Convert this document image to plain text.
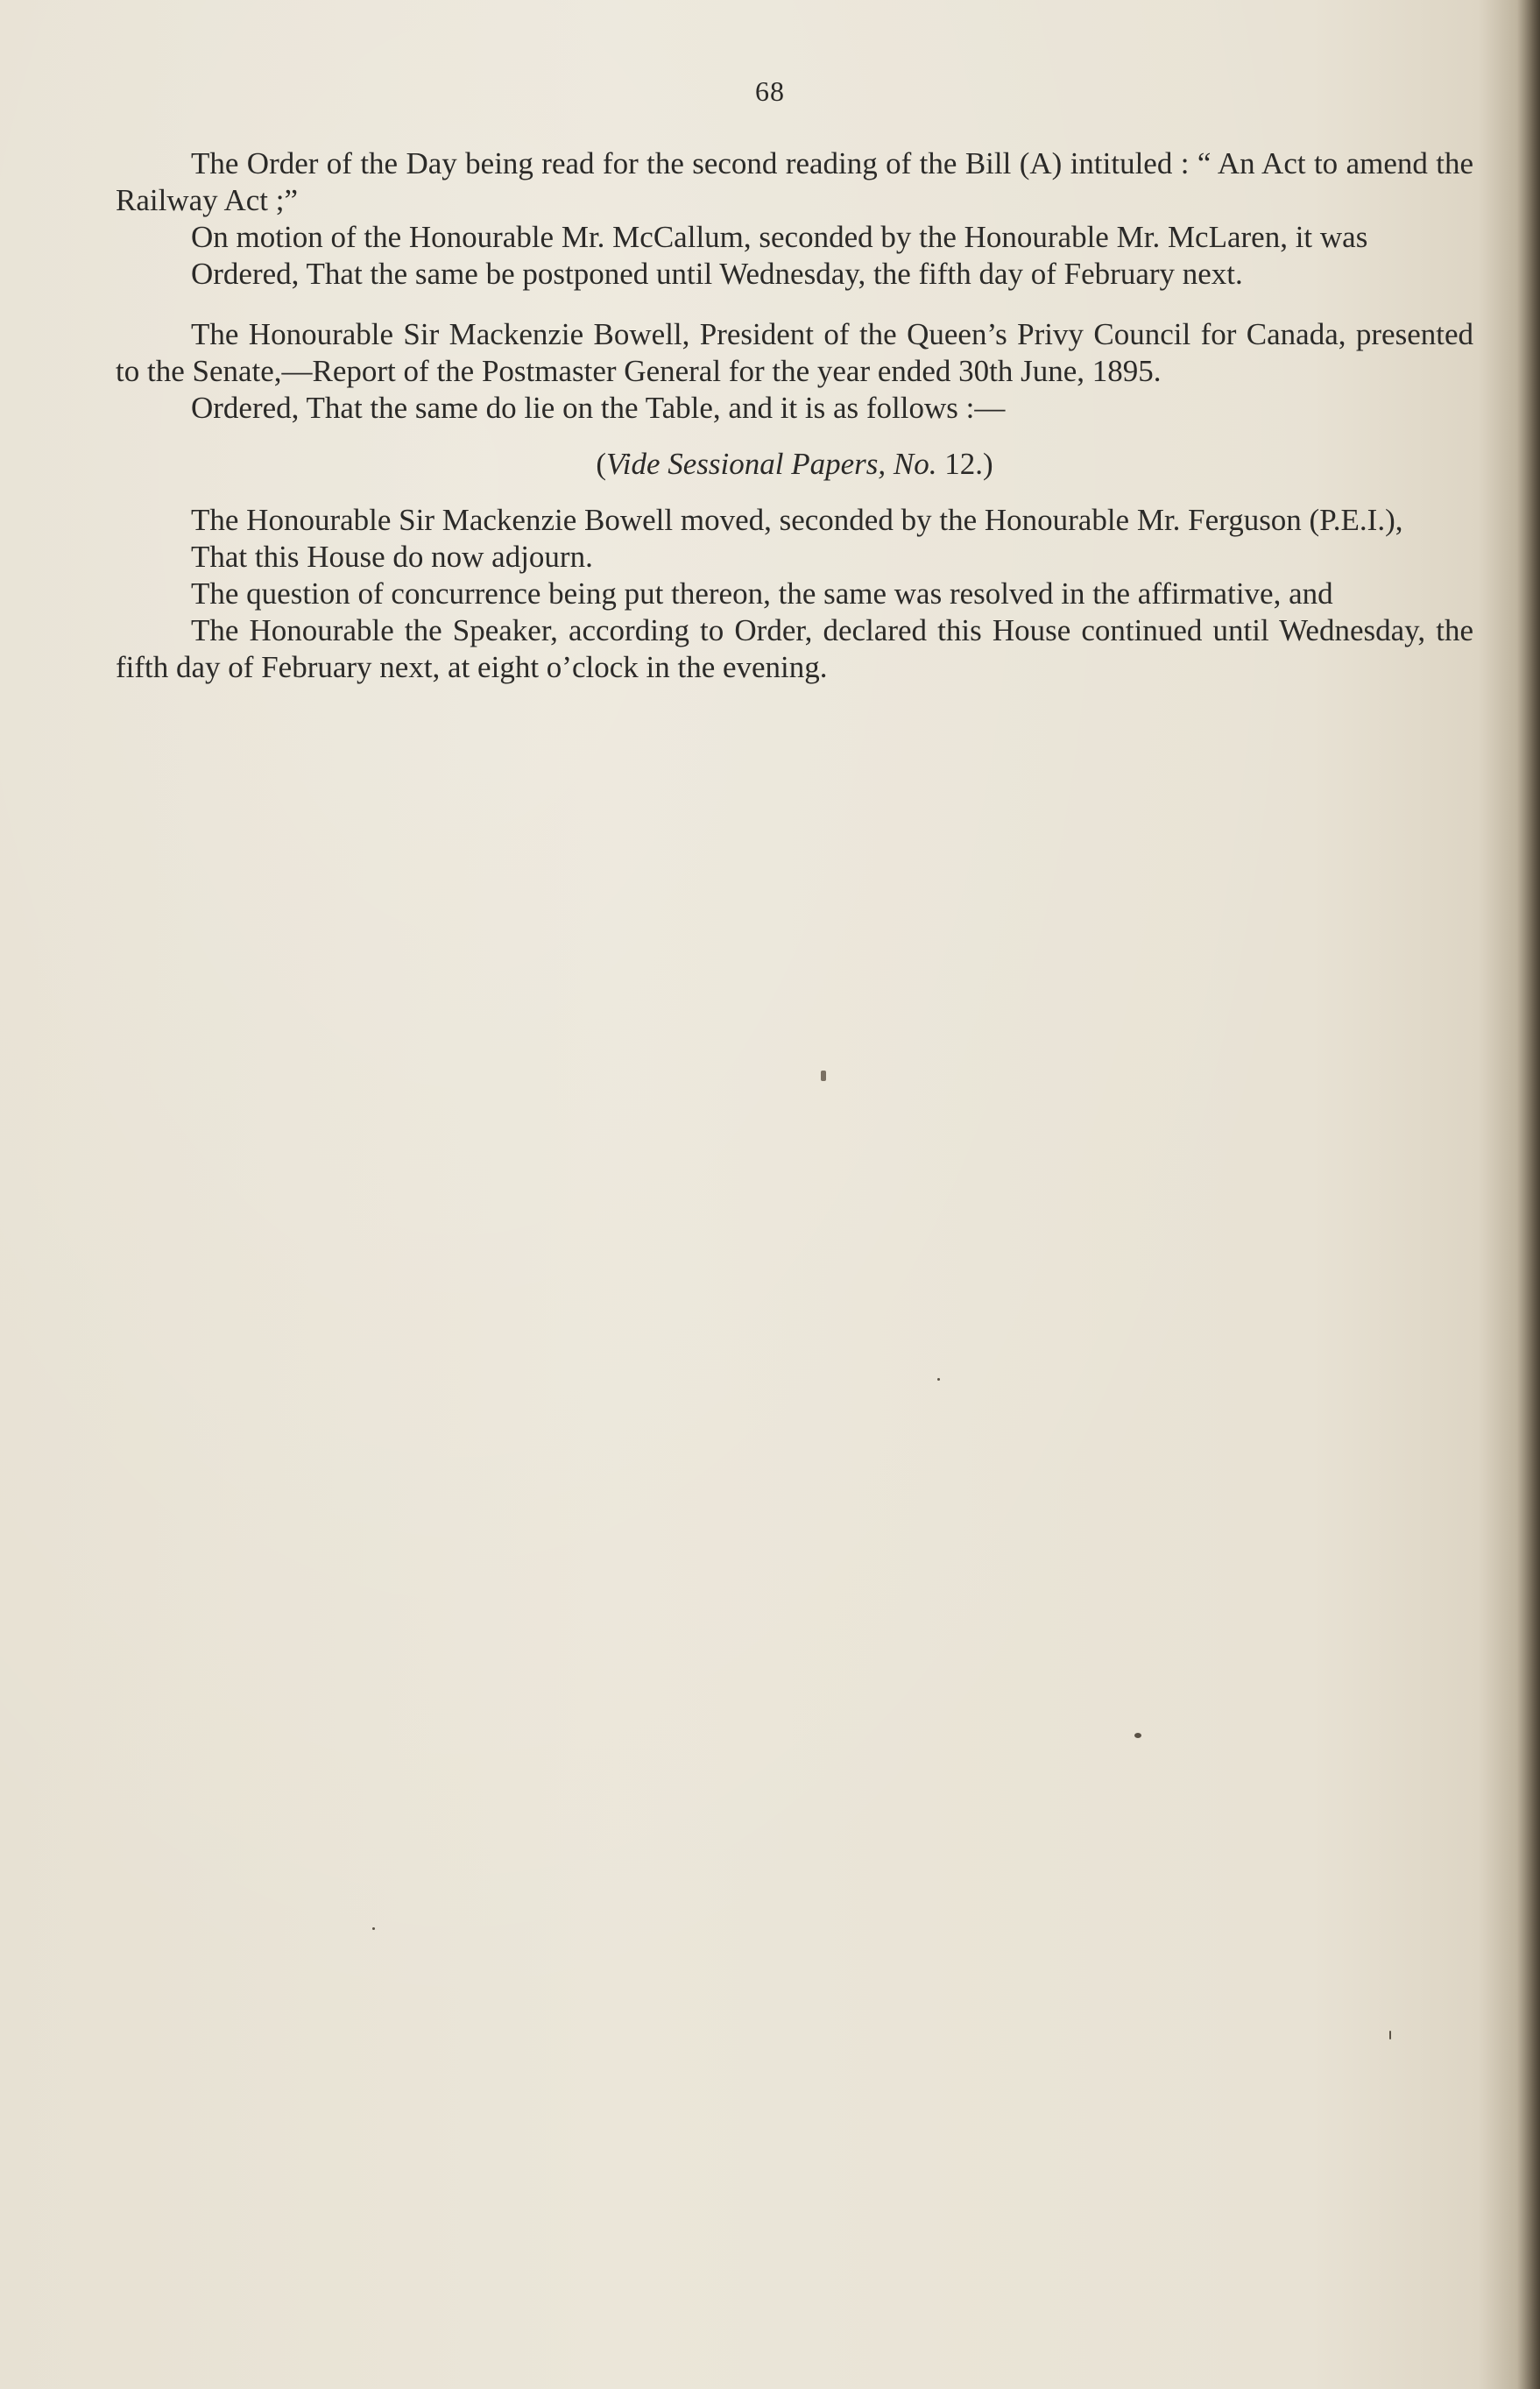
68

The Order of the Day being read for the second reading of the Bill (A) intituled : “ An Act to amend the Railway Act ;”

On motion of the Honourable Mr. McCallum, seconded by the Honourable Mr. McLaren, it was

Ordered, That the same be postponed until Wednesday, the fifth day of February next.

The Honourable Sir Mackenzie Bowell, President of the Queen’s Privy Council for Canada, presented to the Senate,—Report of the Postmaster General for the year ended 30th June, 1895.

Ordered, That the same do lie on the Table, and it is as follows :—

(Vide Sessional Papers, No. 12.)

The Honourable Sir Mackenzie Bowell moved, seconded by the Honourable Mr. Ferguson (P.E.I.),

That this House do now adjourn.

The question of concurrence being put thereon, the same was resolved in the affirmative, and

The Honourable the Speaker, according to Order, declared this House continued until Wednesday, the fifth day of February next, at eight o’clock in the evening.
